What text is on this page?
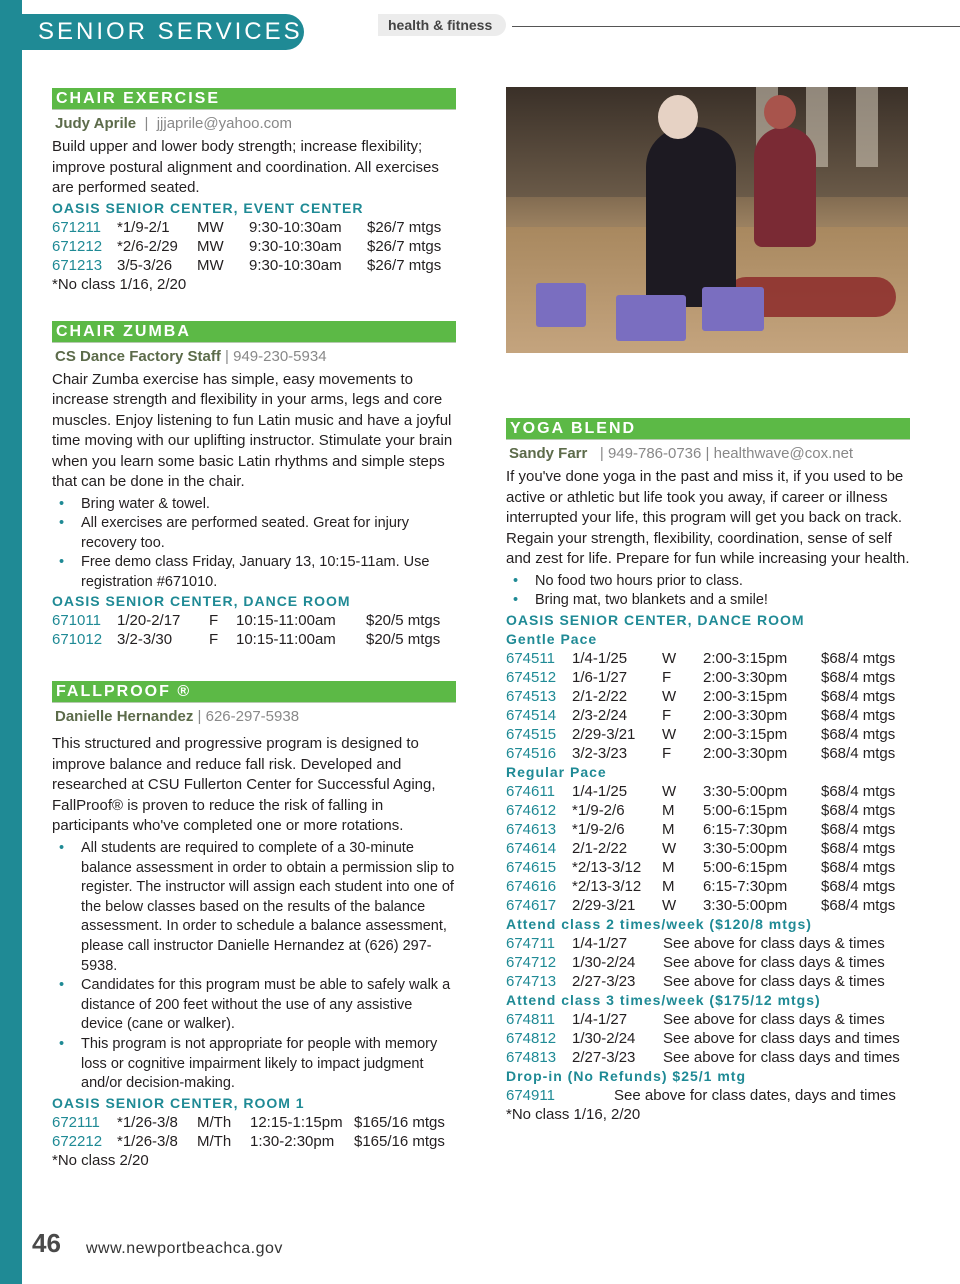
SENIOR SERVICES	health & fitness
CHAIR EXERCISE
Judy Aprile  |  jjjaprile@yahoo.com
Build upper and lower body strength; increase flexibility; improve postural alignment and coordination. All exercises are performed seated.
OASIS SENIOR CENTER, EVENT CENTER
671211	*1/9-2/1	MW	9:30-10:30am	$26/7 mtgs
671212	*2/6-2/29	MW	9:30-10:30am	$26/7 mtgs
671213	3/5-3/26	MW	9:30-10:30am	$26/7 mtgs
*No class 1/16, 2/20
CHAIR ZUMBA
CS Dance Factory Staff | 949-230-5934
Chair Zumba exercise has simple, easy movements to increase strength and flexibility in your arms, legs and core muscles. Enjoy listening to fun Latin music and have a joyful time moving with our uplifting instructor. Stimulate your brain when you learn some basic Latin rhythms and simple steps that can be done in the chair.
• Bring water & towel.
• All exercises are performed seated. Great for injury recovery too.
• Free demo class Friday, January 13, 10:15-11am. Use registration #671010.
OASIS SENIOR CENTER, DANCE ROOM
671011	1/20-2/17	F	10:15-11:00am	$20/5 mtgs
671012	3/2-3/30	F	10:15-11:00am	$20/5 mtgs
FALLPROOF ®
Danielle Hernandez | 626-297-5938
This structured and progressive program is designed to improve balance and reduce fall risk. Developed and researched at CSU Fullerton Center for Successful Aging, FallProof® is proven to reduce the risk of falling in participants who've completed one or more rotations.
• All students are required to complete of a 30-minute balance assessment in order to obtain a permission slip to register. The instructor will assign each student into one of the below classes based on the results of the balance assessment. In order to schedule a balance assessment, please call instructor Danielle Hernandez at (626) 297-5938.
• Candidates for this program must be able to safely walk a distance of 200 feet without the use of any assistive device (cane or walker).
• This program is not appropriate for people with memory loss or cognitive impairment likely to impact judgment and/or decision-making.
OASIS SENIOR CENTER, ROOM 1
672111	*1/26-3/8	M/Th	12:15-1:15pm	$165/16 mtgs
672212	*1/26-3/8	M/Th	1:30-2:30pm	$165/16 mtgs
*No class 2/20
YOGA BLEND
Sandy Farr   | 949-786-0736 | healthwave@cox.net
If you've done yoga in the past and miss it, if you used to be active or athletic but life took you away, if career or illness interrupted your life, this program will get you back on track. Regain your strength, flexibility, coordination, sense of self and zest for life. Prepare for fun while increasing your health.
• No food two hours prior to class.
• Bring mat, two blankets and a smile!
OASIS SENIOR CENTER, DANCE ROOM
Gentle Pace
674511	1/4-1/25	W	2:00-3:15pm	$68/4 mtgs
674512	1/6-1/27	F	2:00-3:30pm	$68/4 mtgs
674513	2/1-2/22	W	2:00-3:15pm	$68/4 mtgs
674514	2/3-2/24	F	2:00-3:30pm	$68/4 mtgs
674515	2/29-3/21	W	2:00-3:15pm	$68/4 mtgs
674516	3/2-3/23	F	2:00-3:30pm	$68/4 mtgs
Regular Pace
674611	1/4-1/25	W	3:30-5:00pm	$68/4 mtgs
674612	*1/9-2/6	M	5:00-6:15pm	$68/4 mtgs
674613	*1/9-2/6	M	6:15-7:30pm	$68/4 mtgs
674614	2/1-2/22	W	3:30-5:00pm	$68/4 mtgs
674615	*2/13-3/12	M	5:00-6:15pm	$68/4 mtgs
674616	*2/13-3/12	M	6:15-7:30pm	$68/4 mtgs
674617	2/29-3/21	W	3:30-5:00pm	$68/4 mtgs
Attend class 2 times/week ($120/8 mtgs)
674711	1/4-1/27	See above for class days & times
674712	1/30-2/24	See above for class days & times
674713	2/27-3/23	See above for class days & times
Attend class 3 times/week ($175/12 mtgs)
674811	1/4-1/27	See above for class days & times
674812	1/30-2/24	See above for class days and times
674813	2/27-3/23	See above for class days and times
Drop-in (No Refunds) $25/1 mtg
674911	See above for class dates, days and times
*No class 1/16, 2/20
46 www.newportbeachca.gov
